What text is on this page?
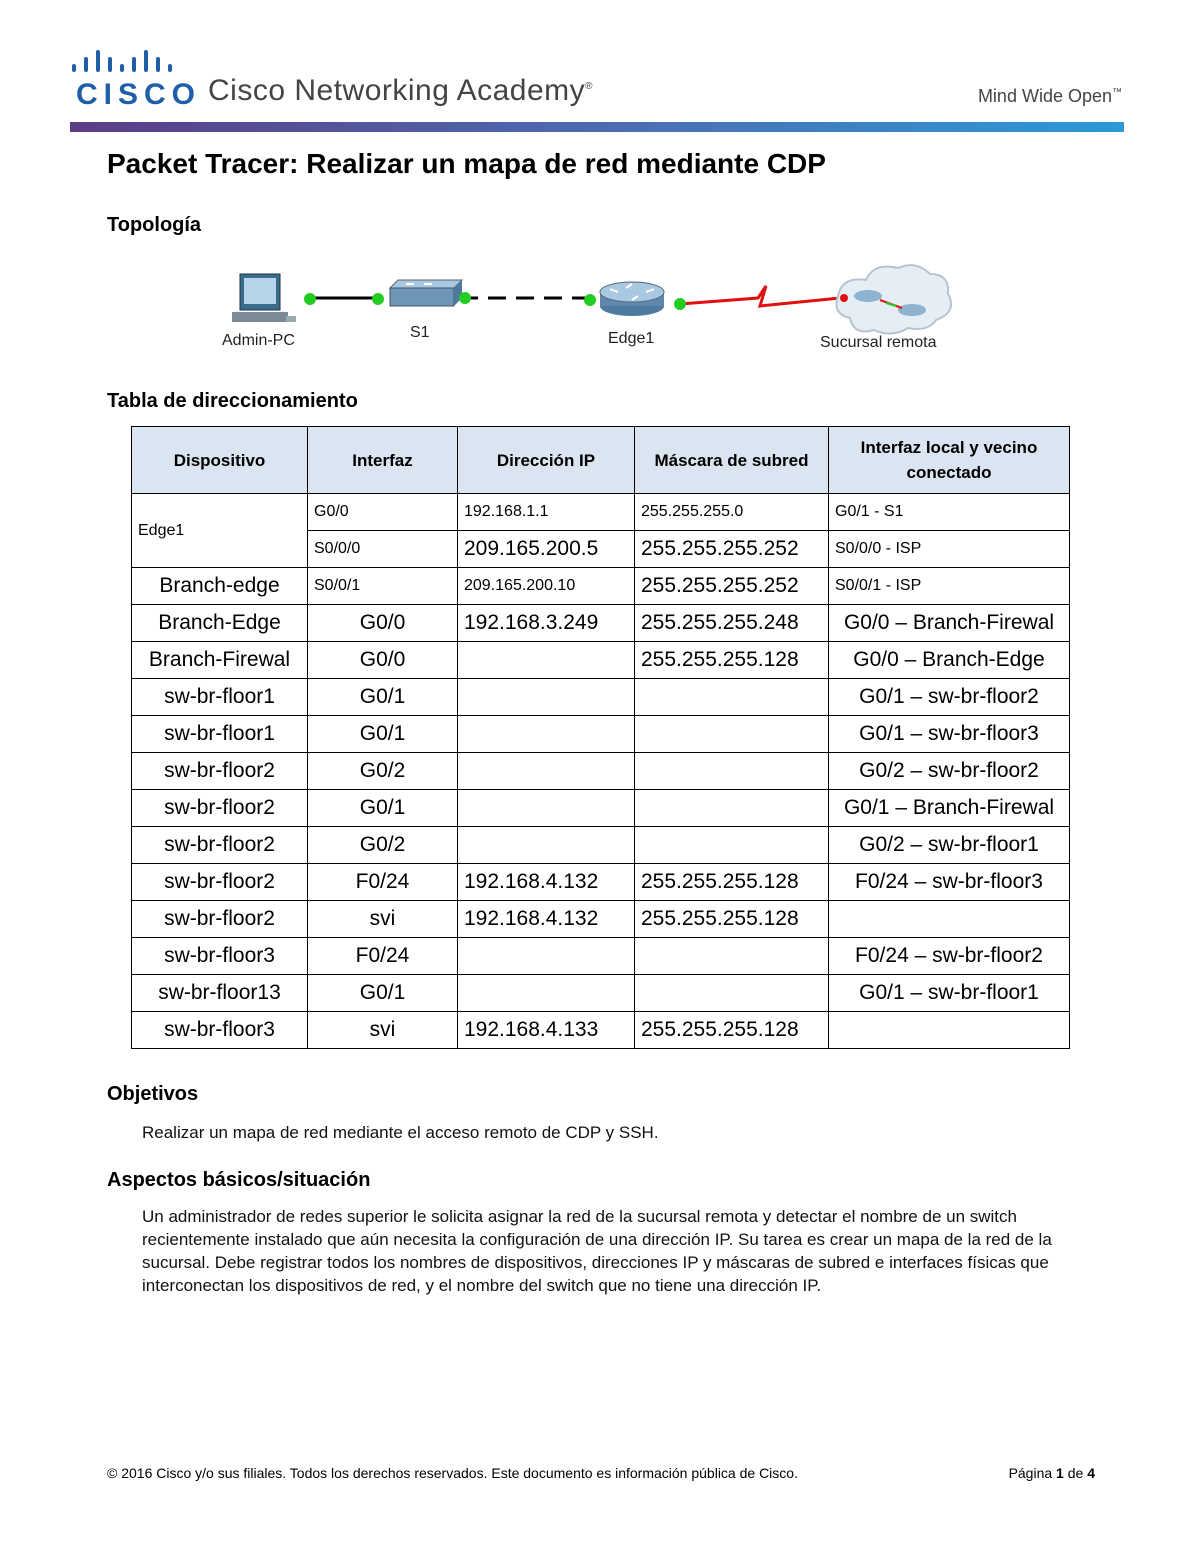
CISCO Cisco Networking Academy®	Mind Wide Open™
Packet Tracer: Realizar un mapa de red mediante CDP
Topología
Admin-PC	S1	Edge1	Sucursal remota
Tabla de direccionamiento
Dispositivo	Interfaz	Dirección IP	Máscara de subred	Interfaz local y vecino conectado
Edge1	G0/0	192.168.1.1	255.255.255.0	G0/1 - S1
	S0/0/0	209.165.200.5	255.255.255.252	S0/0/0 - ISP
Branch-edge	S0/0/1	209.165.200.10	255.255.255.252	S0/0/1 - ISP
Branch-Edge	G0/0	192.168.3.249	255.255.255.248	G0/0 – Branch-Firewal
Branch-Firewal	G0/0		255.255.255.128	G0/0 – Branch-Edge
sw-br-floor1	G0/1			G0/1 – sw-br-floor2
sw-br-floor1	G0/1			G0/1 – sw-br-floor3
sw-br-floor2	G0/2			G0/2 – sw-br-floor2
sw-br-floor2	G0/1			G0/1 – Branch-Firewal
sw-br-floor2	G0/2			G0/2 – sw-br-floor1
sw-br-floor2	F0/24	192.168.4.132	255.255.255.128	F0/24 – sw-br-floor3
sw-br-floor2	svi	192.168.4.132	255.255.255.128	
sw-br-floor3	F0/24			F0/24 – sw-br-floor2
sw-br-floor13	G0/1			G0/1 – sw-br-floor1
sw-br-floor3	svi	192.168.4.133	255.255.255.128	
Objetivos
Realizar un mapa de red mediante el acceso remoto de CDP y SSH.
Aspectos básicos/situación
Un administrador de redes superior le solicita asignar la red de la sucursal remota y detectar el nombre de un switch recientemente instalado que aún necesita la configuración de una dirección IP. Su tarea es crear un mapa de la red de la sucursal. Debe registrar todos los nombres de dispositivos, direcciones IP y máscaras de subred e interfaces físicas que interconectan los dispositivos de red, y el nombre del switch que no tiene una dirección IP.
© 2016 Cisco y/o sus filiales. Todos los derechos reservados. Este documento es información pública de Cisco.	Página 1 de 4
